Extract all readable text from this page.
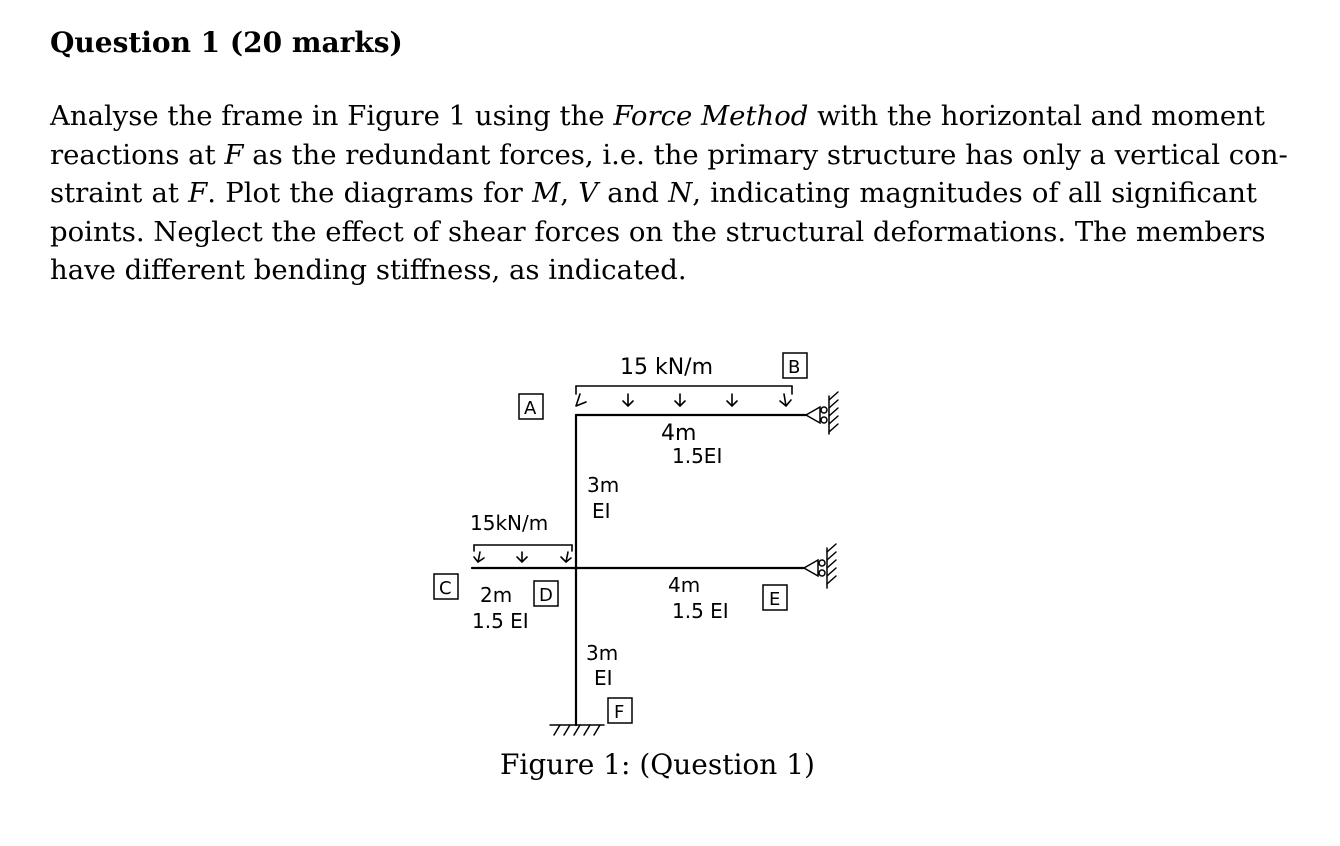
Question 1 (20 marks)
Analyse the frame in Figure 1 using the Force Method with the horizontal and moment
reactions at F as the redundant forces, i.e. the primary structure has only a vertical con-
straint at F. Plot the diagrams for M, V and N, indicating magnitudes of all significant
points. Neglect the effect of shear forces on the structural deformations. The members
have different bending stiffness, as indicated.
A
B
C	D	E
F
15 kN/m
15kN/m
4m
1.5EI
3m
EI
2m
1.5 EI
4m
1.5 EI
3m
EI
Figure 1: (Question 1)
